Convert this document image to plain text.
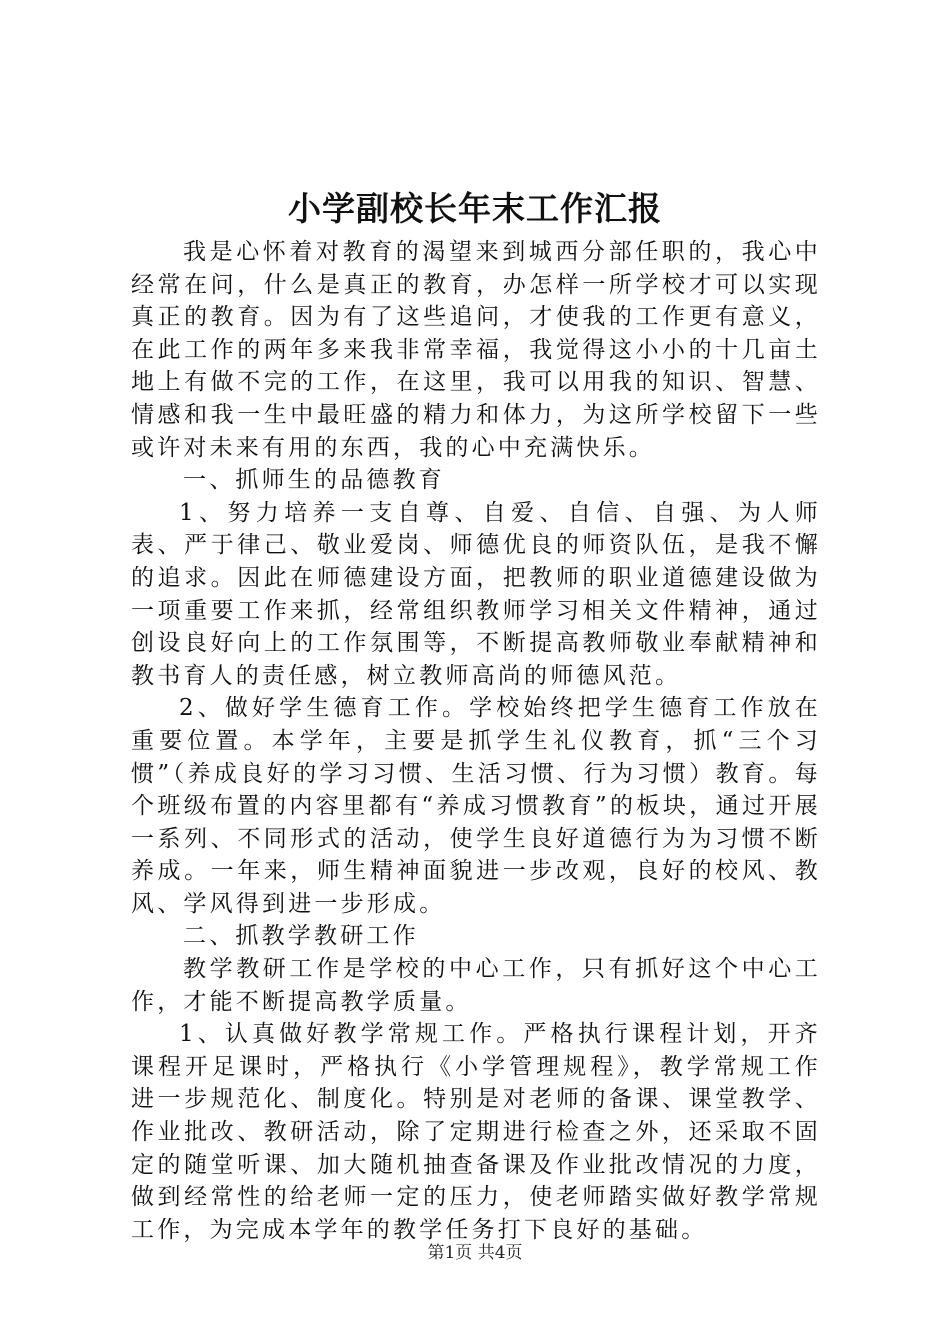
小学副校长年末工作汇报

我是心怀着对教育的渴望来到城西分部任职的，我心中经常在问，什么是真正的教育，办怎样一所学校才可以实现真正的教育。因为有了这些追问，才使我的工作更有意义，在此工作的两年多来我非常幸福，我觉得这小小的十几亩土地上有做不完的工作，在这里，我可以用我的知识、智慧、情感和我一生中最旺盛的精力和体力，为这所学校留下一些或许对未来有用的东西，我的心中充满快乐。

一、抓师生的品德教育

1、努力培养一支自尊、自爱、自信、自强、为人师表、严于律己、敬业爱岗、师德优良的师资队伍，是我不懈的追求。因此在师德建设方面，把教师的职业道德建设做为一项重要工作来抓，经常组织教师学习相关文件精神，通过创设良好向上的工作氛围等，不断提高教师敬业奉献精神和教书育人的责任感，树立教师高尚的师德风范。

2、做好学生德育工作。学校始终把学生德育工作放在重要位置。本学年，主要是抓学生礼仪教育，抓“三个习惯”（养成良好的学习习惯、生活习惯、行为习惯）教育。每个班级布置的内容里都有“养成习惯教育”的板块，通过开展一系列、不同形式的活动，使学生良好道德行为为习惯不断养成。一年来，师生精神面貌进一步改观，良好的校风、教风、学风得到进一步形成。

二、抓教学教研工作

教学教研工作是学校的中心工作，只有抓好这个中心工作，才能不断提高教学质量。

1、认真做好教学常规工作。严格执行课程计划，开齐课程开足课时，严格执行《小学管理规程》，教学常规工作进一步规范化、制度化。特别是对老师的备课、课堂教学、作业批改、教研活动，除了定期进行检查之外，还采取不固定的随堂听课、加大随机抽查备课及作业批改情况的力度，做到经常性的给老师一定的压力，使老师踏实做好教学常规工作，为完成本学年的教学任务打下良好的基础。

第1页 共4页
